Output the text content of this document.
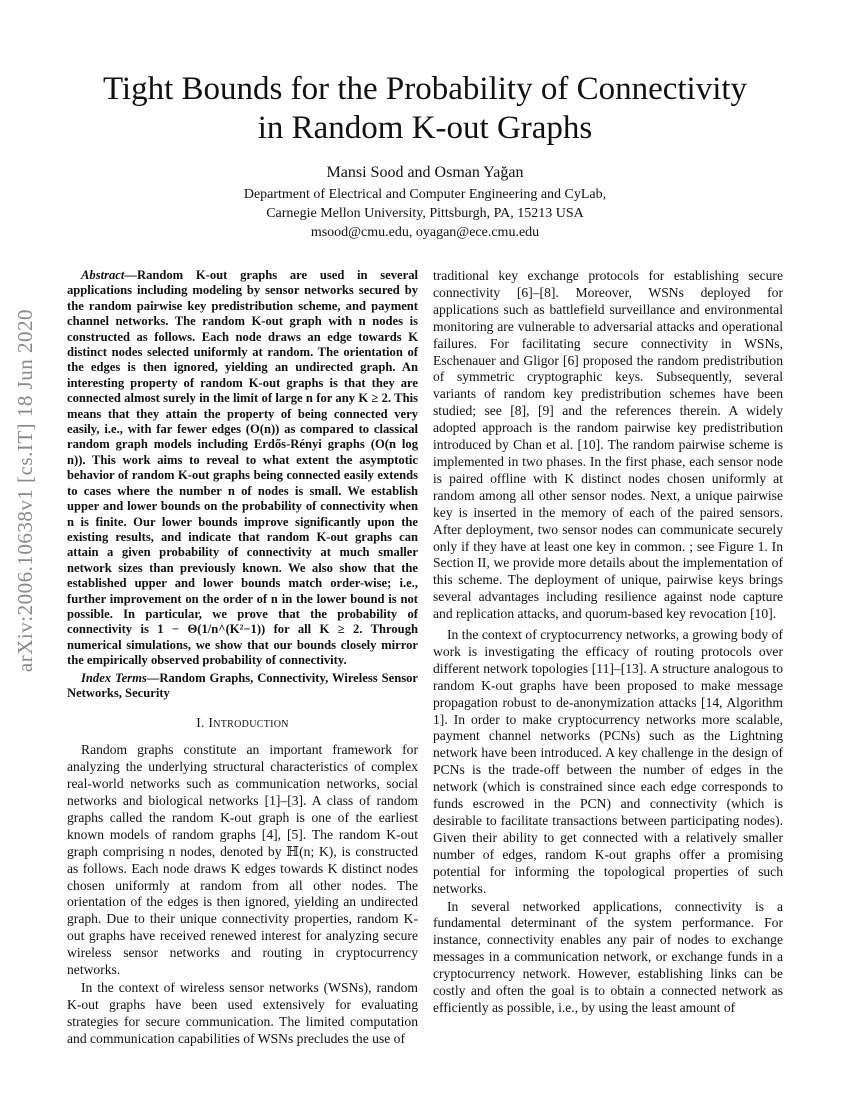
arXiv:2006.10638v1 [cs.IT] 18 Jun 2020
Tight Bounds for the Probability of Connectivity
in Random K-out Graphs
Mansi Sood and Osman Yağan
Department of Electrical and Computer Engineering and CyLab,
Carnegie Mellon University, Pittsburgh, PA, 15213 USA
msood@cmu.edu, oyagan@ece.cmu.edu

Abstract—Random K-out graphs are used in several applications including modeling by sensor networks secured by the random pairwise key predistribution scheme, and payment channel networks. The random K-out graph with n nodes is constructed as follows. Each node draws an edge towards K distinct nodes selected uniformly at random. The orientation of the edges is then ignored, yielding an undirected graph. An interesting property of random K-out graphs is that they are connected almost surely in the limit of large n for any K ≥ 2. This means that they attain the property of being connected very easily, i.e., with far fewer edges (O(n)) as compared to classical random graph models including Erdős-Rényi graphs (O(n log n)). This work aims to reveal to what extent the asymptotic behavior of random K-out graphs being connected easily extends to cases where the number n of nodes is small. We establish upper and lower bounds on the probability of connectivity when n is finite. Our lower bounds improve significantly upon the existing results, and indicate that random K-out graphs can attain a given probability of connectivity at much smaller network sizes than previously known. We also show that the established upper and lower bounds match order-wise; i.e., further improvement on the order of n in the lower bound is not possible. In particular, we prove that the probability of connectivity is 1 − Θ(1/n^(K²−1)) for all K ≥ 2. Through numerical simulations, we show that our bounds closely mirror the empirically observed probability of connectivity.

Index Terms—Random Graphs, Connectivity, Wireless Sensor Networks, Security

I. Introduction

Random graphs constitute an important framework for analyzing the underlying structural characteristics of complex real-world networks such as communication networks, social networks and biological networks [1]–[3]. A class of random graphs called the random K-out graph is one of the earliest known models of random graphs [4], [5]. The random K-out graph comprising n nodes, denoted by ℍ(n; K), is constructed as follows. Each node draws K edges towards K distinct nodes chosen uniformly at random from all other nodes. The orientation of the edges is then ignored, yielding an undirected graph. Due to their unique connectivity properties, random K-out graphs have received renewed interest for analyzing secure wireless sensor networks and routing in cryptocurrency networks.

In the context of wireless sensor networks (WSNs), random K-out graphs have been used extensively for evaluating strategies for secure communication. The limited computation and communication capabilities of WSNs precludes the use of

traditional key exchange protocols for establishing secure connectivity [6]–[8]. Moreover, WSNs deployed for applications such as battlefield surveillance and environmental monitoring are vulnerable to adversarial attacks and operational failures. For facilitating secure connectivity in WSNs, Eschenauer and Gligor [6] proposed the random predistribution of symmetric cryptographic keys. Subsequently, several variants of random key predistribution schemes have been studied; see [8], [9] and the references therein. A widely adopted approach is the random pairwise key predistribution introduced by Chan et al. [10]. The random pairwise scheme is implemented in two phases. In the first phase, each sensor node is paired offline with K distinct nodes chosen uniformly at random among all other sensor nodes. Next, a unique pairwise key is inserted in the memory of each of the paired sensors. After deployment, two sensor nodes can communicate securely only if they have at least one key in common. ; see Figure 1. In Section II, we provide more details about the implementation of this scheme. The deployment of unique, pairwise keys brings several advantages including resilience against node capture and replication attacks, and quorum-based key revocation [10].

In the context of cryptocurrency networks, a growing body of work is investigating the efficacy of routing protocols over different network topologies [11]–[13]. A structure analogous to random K-out graphs have been proposed to make message propagation robust to de-anonymization attacks [14, Algorithm 1]. In order to make cryptocurrency networks more scalable, payment channel networks (PCNs) such as the Lightning network have been introduced. A key challenge in the design of PCNs is the trade-off between the number of edges in the network (which is constrained since each edge corresponds to funds escrowed in the PCN) and connectivity (which is desirable to facilitate transactions between participating nodes). Given their ability to get connected with a relatively smaller number of edges, random K-out graphs offer a promising potential for informing the topological properties of such networks.

In several networked applications, connectivity is a fundamental determinant of the system performance. For instance, connectivity enables any pair of nodes to exchange messages in a communication network, or exchange funds in a cryptocurrency network. However, establishing links can be costly and often the goal is to obtain a connected network as efficiently as possible, i.e., by using the least amount of
